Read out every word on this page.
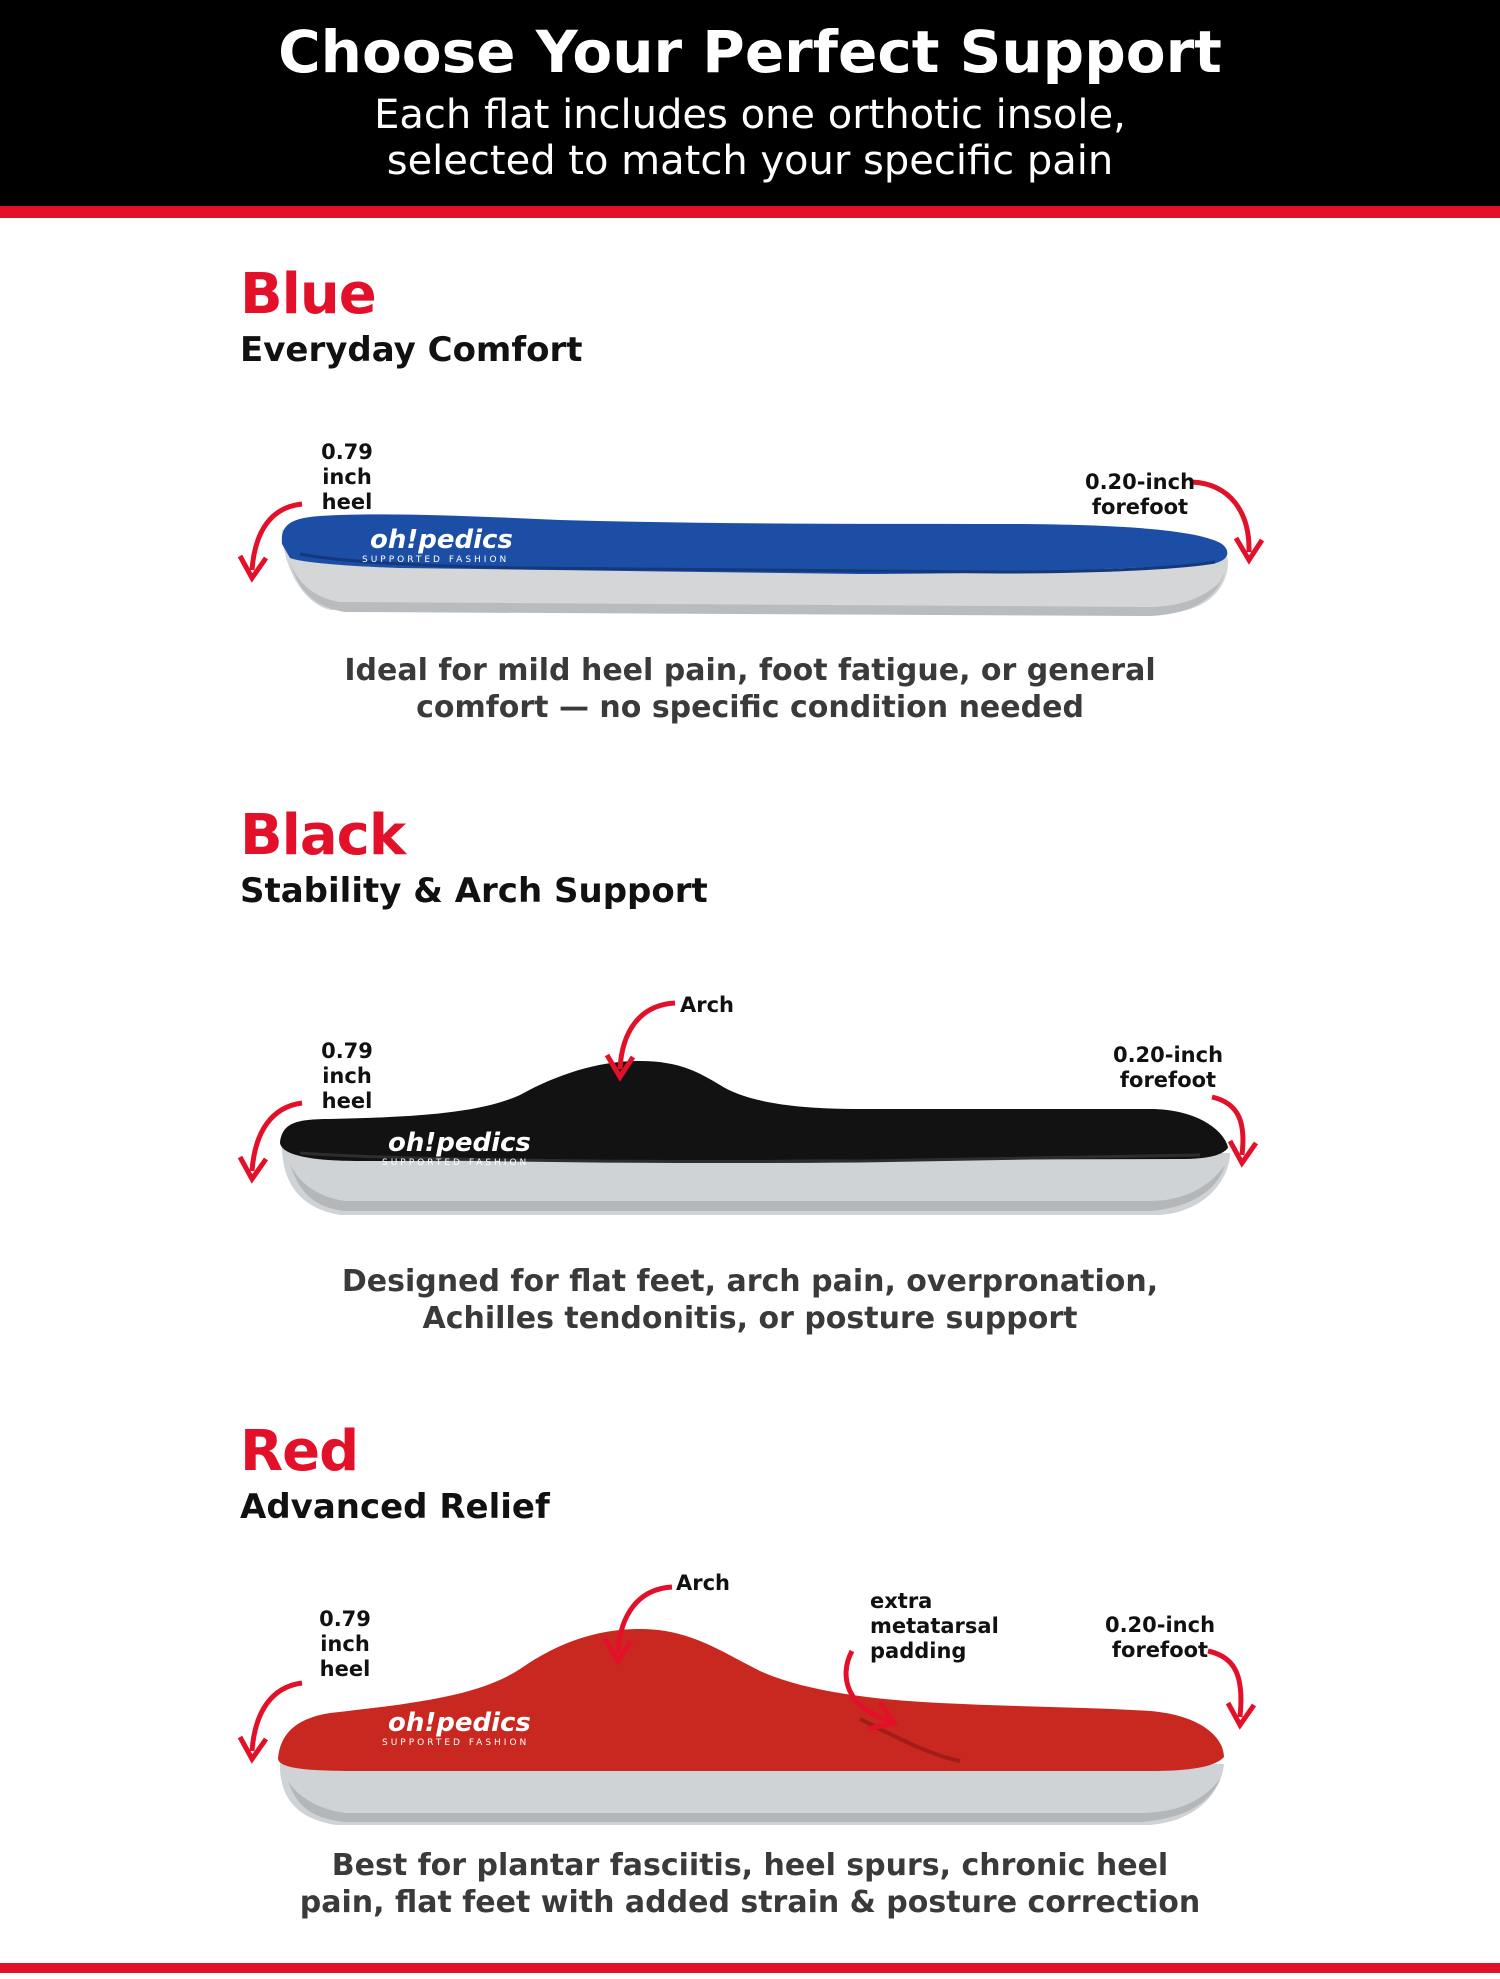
Choose Your Perfect Support
Each flat includes one orthotic insole,
selected to match your specific pain
Blue
Everyday Comfort
oh!pedics
SUPPORTED FASHION
0.79
inch
heel
0.20-inch
forefoot
Ideal for mild heel pain, foot fatigue, or general
comfort — no specific condition needed
Black
Stability & Arch Support
oh!pedics
SUPPORTED FASHION
0.79
inch
heel
Arch
0.20-inch
forefoot
Designed for flat feet, arch pain, overpronation,
Achilles tendonitis, or posture support
Red
Advanced Relief
oh!pedics
SUPPORTED FASHION
0.79
inch
heel
Arch
extra
metatarsal
padding
0.20-inch
forefoot
Best for plantar fasciitis, heel spurs, chronic heel
pain, flat feet with added strain & posture correction
